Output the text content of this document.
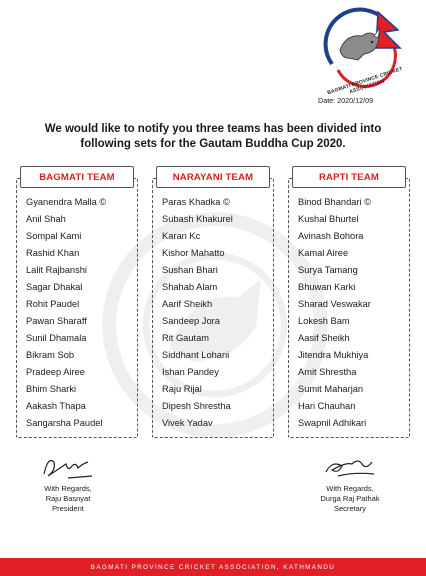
BAGMATI PROVINCE CRICKET ASSOCIATION
Date: 2020/12/09
We would like to notify you three teams has been divided into
following sets for the Gautam Buddha Cup 2020.
BAGMATI TEAM
Gyanendra Malla ©
Anil Shah
Sompal Kami
Rashid Khan
Lalit Rajbanshi
Sagar Dhakal
Rohit Paudel
Pawan Sharaff
Sunil Dhamala
Bikram Sob
Pradeep Airee
Bhim Sharki
Aakash Thapa
Sangarsha Paudel
NARAYANI TEAM
Paras Khadka ©
Subash Khakurel
Karan Kc
Kishor Mahatto
Sushan Bhari
Shahab Alam
Aarif Sheikh
Sandeep Jora
Rit Gautam
Siddhant Lohani
Ishan Pandey
Raju Rijal
Dipesh Shrestha
Vivek Yadav
RAPTI TEAM
Binod Bhandari ©
Kushal Bhurtel
Avinash Bohora
Kamal Airee
Surya Tamang
Bhuwan Karki
Sharad Veswakar
Lokesh Bam
Aasif Sheikh
Jitendra Mukhiya
Amit Shrestha
Sumit Maharjan
Hari Chauhan
Swapnil Adhikari
With Regards,
Raju Basnyat
President
With Regards,
Durga Raj Pathak
Secretary
BAGMATI PROVINCE CRICKET ASSOCIATION, KATHMANDU
